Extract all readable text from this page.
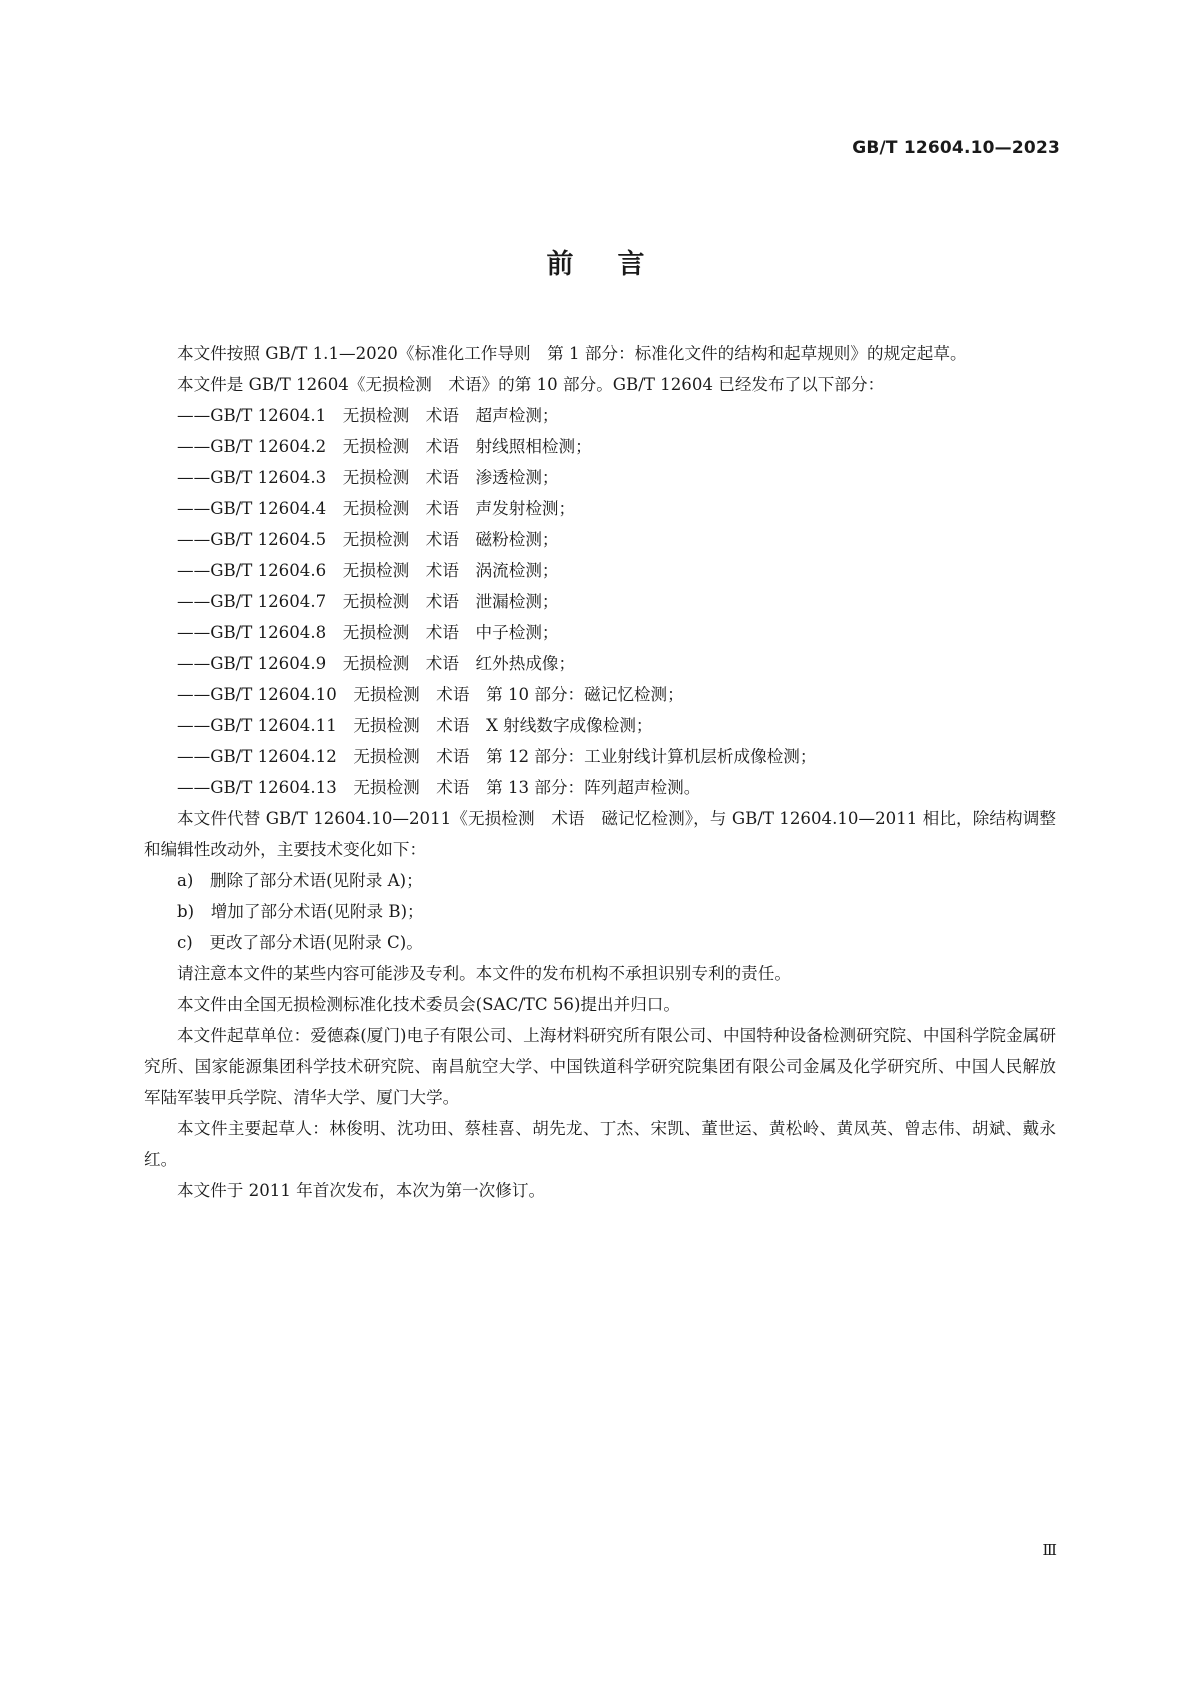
GB/T 12604.10—2023
前言

本文件按照 GB/T 1.1—2020《标准化工作导则　第 1 部分：标准化文件的结构和起草规则》的规定起草。

本文件是 GB/T 12604《无损检测　术语》的第 10 部分。GB/T 12604 已经发布了以下部分：

——GB/T 12604.1　无损检测　术语　超声检测；

——GB/T 12604.2　无损检测　术语　射线照相检测；

——GB/T 12604.3　无损检测　术语　渗透检测；

——GB/T 12604.4　无损检测　术语　声发射检测；

——GB/T 12604.5　无损检测　术语　磁粉检测；

——GB/T 12604.6　无损检测　术语　涡流检测；

——GB/T 12604.7　无损检测　术语　泄漏检测；

——GB/T 12604.8　无损检测　术语　中子检测；

——GB/T 12604.9　无损检测　术语　红外热成像；

——GB/T 12604.10　无损检测　术语　第 10 部分：磁记忆检测；

——GB/T 12604.11　无损检测　术语　X 射线数字成像检测；

——GB/T 12604.12　无损检测　术语　第 12 部分：工业射线计算机层析成像检测；

——GB/T 12604.13　无损检测　术语　第 13 部分：阵列超声检测。

本文件代替 GB/T 12604.10—2011《无损检测　术语　磁记忆检测》，与 GB/T 12604.10—2011 相比，除结构调整和编辑性改动外，主要技术变化如下：

a)　删除了部分术语(见附录 A)；

b)　增加了部分术语(见附录 B)；

c)　更改了部分术语(见附录 C)。

请注意本文件的某些内容可能涉及专利。本文件的发布机构不承担识别专利的责任。

本文件由全国无损检测标准化技术委员会(SAC/TC 56)提出并归口。

本文件起草单位：爱德森(厦门)电子有限公司、上海材料研究所有限公司、中国特种设备检测研究院、中国科学院金属研究所、国家能源集团科学技术研究院、南昌航空大学、中国铁道科学研究院集团有限公司金属及化学研究所、中国人民解放军陆军装甲兵学院、清华大学、厦门大学。

本文件主要起草人：林俊明、沈功田、蔡桂喜、胡先龙、丁杰、宋凯、董世运、黄松岭、黄凤英、曾志伟、胡斌、戴永红。

本文件于 2011 年首次发布，本次为第一次修订。

Ⅲ
